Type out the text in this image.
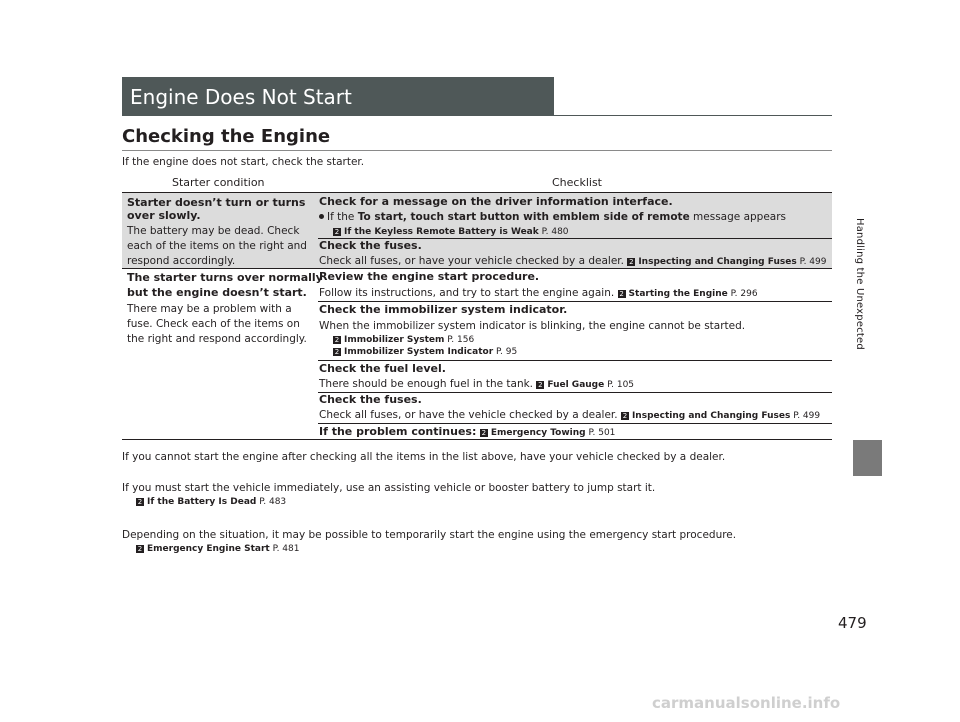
Engine Does Not Start
Checking the Engine
If the engine does not start, check the starter.
Starter condition	Checklist
Starter doesn’t turn or turns
over slowly.
The battery may be dead. Check
each of the items on the right and
respond accordingly.
Check for a message on the driver information interface.
If the To start, touch start button with emblem side of remote message appears
2 If the Keyless Remote Battery is Weak P. 480
Check the fuses.
Check all fuses, or have your vehicle checked by a dealer. 2 Inspecting and Changing Fuses P. 499
The starter turns over normally
but the engine doesn’t start.
There may be a problem with a
fuse. Check each of the items on
the right and respond accordingly.
Review the engine start procedure.
Follow its instructions, and try to start the engine again. 2 Starting the Engine P. 296
Check the immobilizer system indicator.
When the immobilizer system indicator is blinking, the engine cannot be started.
2 Immobilizer System P. 156
2 Immobilizer System Indicator P. 95
Check the fuel level.
There should be enough fuel in the tank. 2 Fuel Gauge P. 105
Check the fuses.
Check all fuses, or have the vehicle checked by a dealer. 2 Inspecting and Changing Fuses P. 499
If the problem continues: 2 Emergency Towing P. 501
If you cannot start the engine after checking all the items in the list above, have your vehicle checked by a dealer.
If you must start the vehicle immediately, use an assisting vehicle or booster battery to jump start it.
2 If the Battery Is Dead P. 483
Depending on the situation, it may be possible to temporarily start the engine using the emergency start procedure.
2 Emergency Engine Start P. 481
Handling the Unexpected
479
carmanualsonline.info
